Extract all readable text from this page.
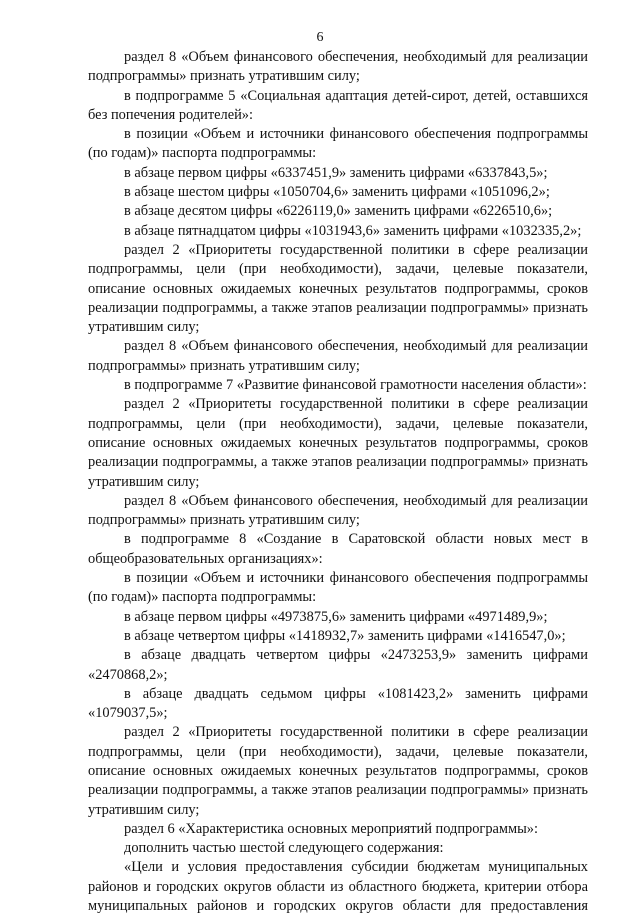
6

раздел 8 «Объем финансового обеспечения, необходимый для реализации подпрограммы» признать утратившим силу;

в подпрограмме 5 «Социальная адаптация детей-сирот, детей, оставшихся без попечения родителей»:

в позиции «Объем и источники финансового обеспечения подпрограммы (по годам)» паспорта подпрограммы:

в абзаце первом цифры «6337451,9» заменить цифрами «6337843,5»;

в абзаце шестом цифры «1050704,6» заменить цифрами «1051096,2»;

в абзаце десятом цифры «6226119,0» заменить цифрами «6226510,6»;

в абзаце пятнадцатом цифры «1031943,6» заменить цифрами «1032335,2»;

раздел 2 «Приоритеты государственной политики в сфере реализации подпрограммы, цели (при необходимости), задачи, целевые показатели, описание основных ожидаемых конечных результатов подпрограммы, сроков реализации подпрограммы, а также этапов реализации подпрограммы» признать утратившим силу;

раздел 8 «Объем финансового обеспечения, необходимый для реализации подпрограммы» признать утратившим силу;

в подпрограмме 7 «Развитие финансовой грамотности населения области»:

раздел 2 «Приоритеты государственной политики в сфере реализации подпрограммы, цели (при необходимости), задачи, целевые показатели, описание основных ожидаемых конечных результатов подпрограммы, сроков реализации подпрограммы, а также этапов реализации подпрограммы» признать утратившим силу;

раздел 8 «Объем финансового обеспечения, необходимый для реализации подпрограммы» признать утратившим силу;

в подпрограмме 8 «Создание в Саратовской области новых мест в общеобразовательных организациях»:

в позиции «Объем и источники финансового обеспечения подпрограммы (по годам)» паспорта подпрограммы:

в абзаце первом цифры «4973875,6» заменить цифрами «4971489,9»;

в абзаце четвертом цифры «1418932,7» заменить цифрами «1416547,0»;

в абзаце двадцать четвертом цифры «2473253,9» заменить цифрами «2470868,2»;

в абзаце двадцать седьмом цифры «1081423,2» заменить цифрами «1079037,5»;

раздел 2 «Приоритеты государственной политики в сфере реализации подпрограммы, цели (при необходимости), задачи, целевые показатели, описание основных ожидаемых конечных результатов подпрограммы, сроков реализации подпрограммы, а также этапов реализации подпрограммы» признать утратившим силу;

раздел 6 «Характеристика основных мероприятий подпрограммы»:

дополнить частью шестой следующего содержания:

«Цели и условия предоставления субсидии бюджетам муниципальных районов и городских округов области из областного бюджета, критерии отбора муниципальных районов и городских округов области для предоставления
